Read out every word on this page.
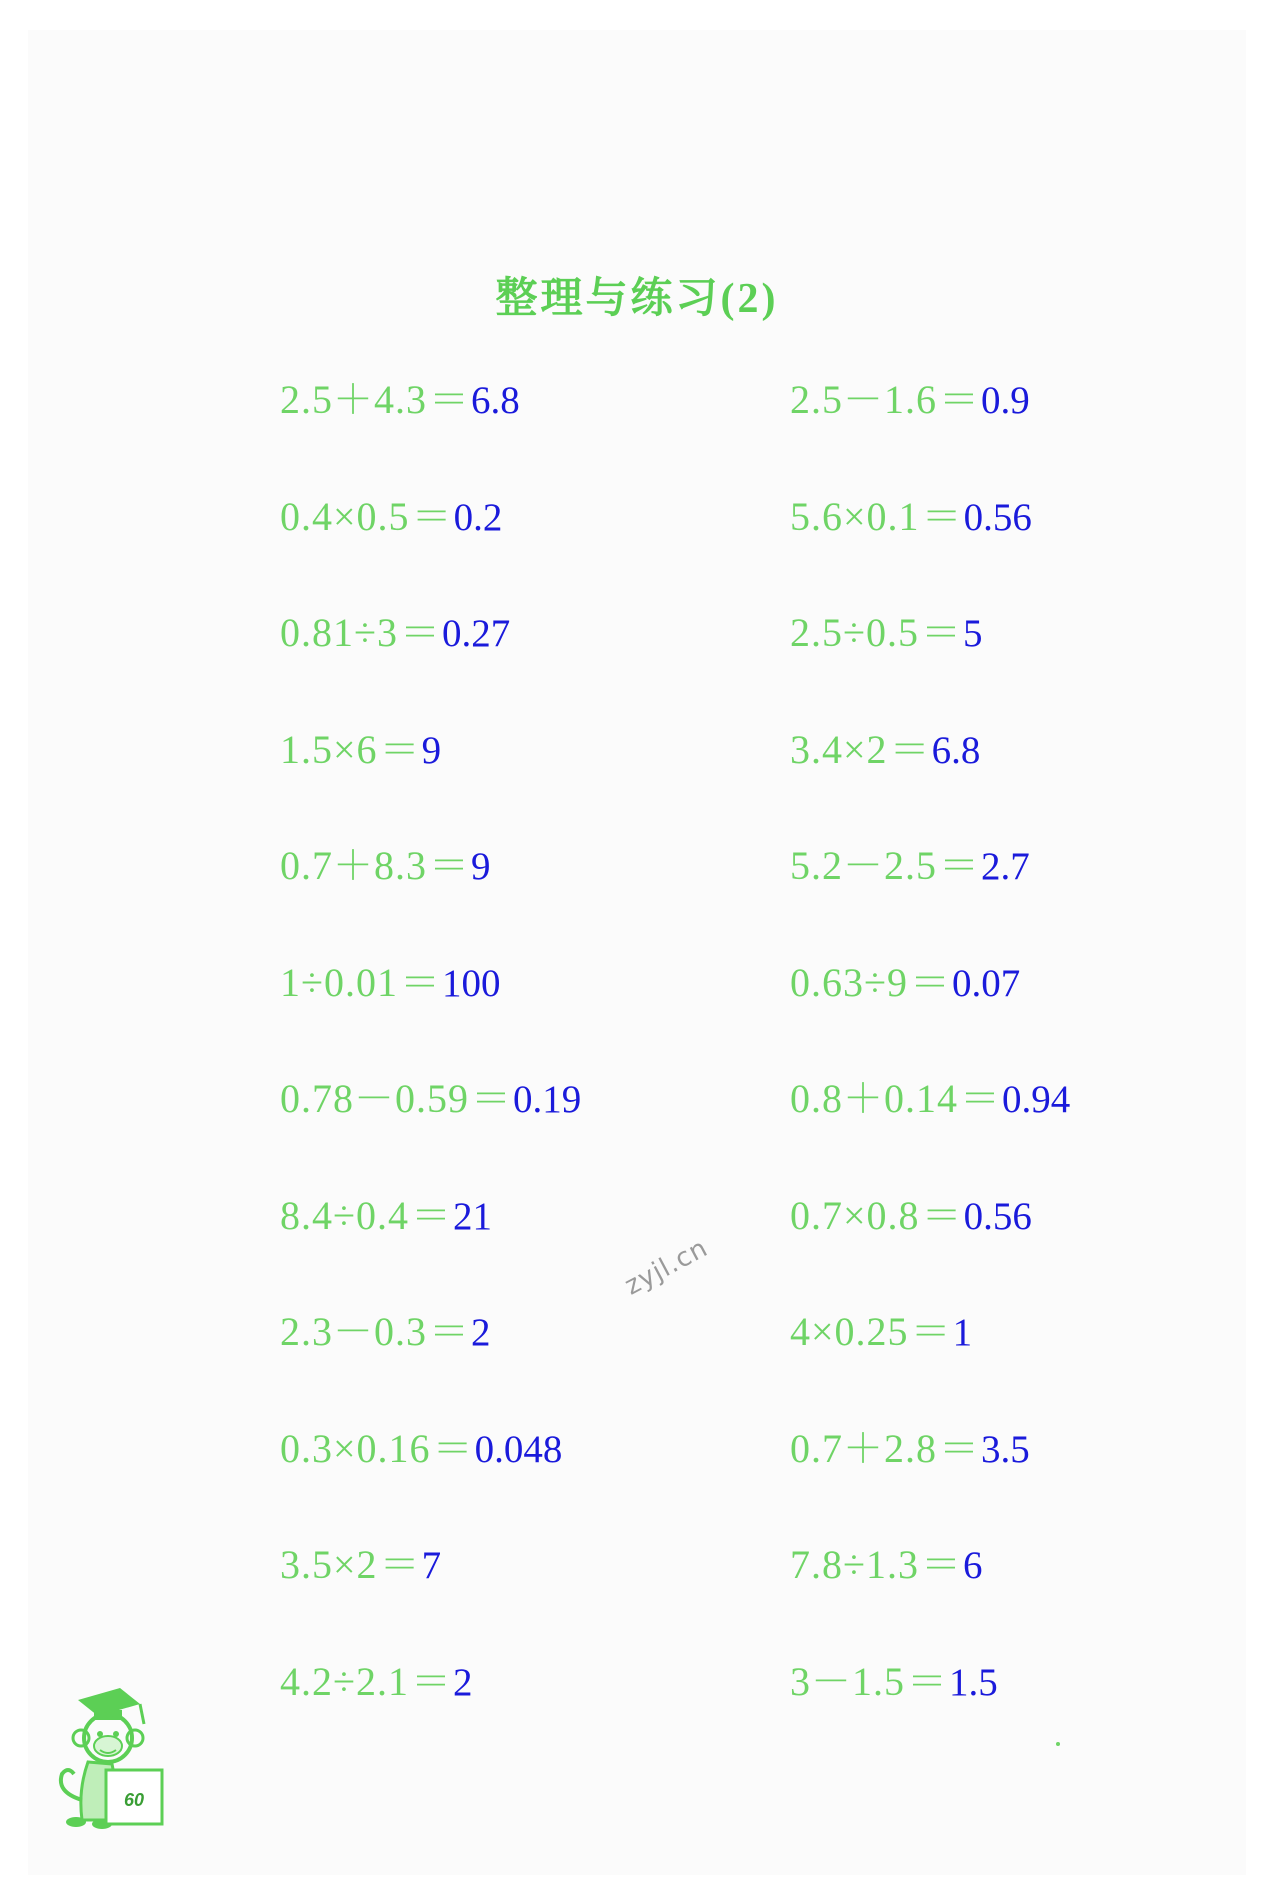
整理与练习(2)
2.5＋4.3＝6.8	2.5－1.6＝0.9
0.4×0.5＝0.2	5.6×0.1＝0.56
0.81÷3＝0.27	2.5÷0.5＝5
1.5×6＝9	3.4×2＝6.8
0.7＋8.3＝9	5.2－2.5＝2.7
1÷0.01＝100	0.63÷9＝0.07
0.78－0.59＝0.19	0.8＋0.14＝0.94
8.4÷0.4＝21	0.7×0.8＝0.56
2.3－0.3＝2	4×0.25＝1
0.3×0.16＝0.048	0.7＋2.8＝3.5
3.5×2＝7	7.8÷1.3＝6
4.2÷2.1＝2	3－1.5＝1.5
zyjl.cn
60
